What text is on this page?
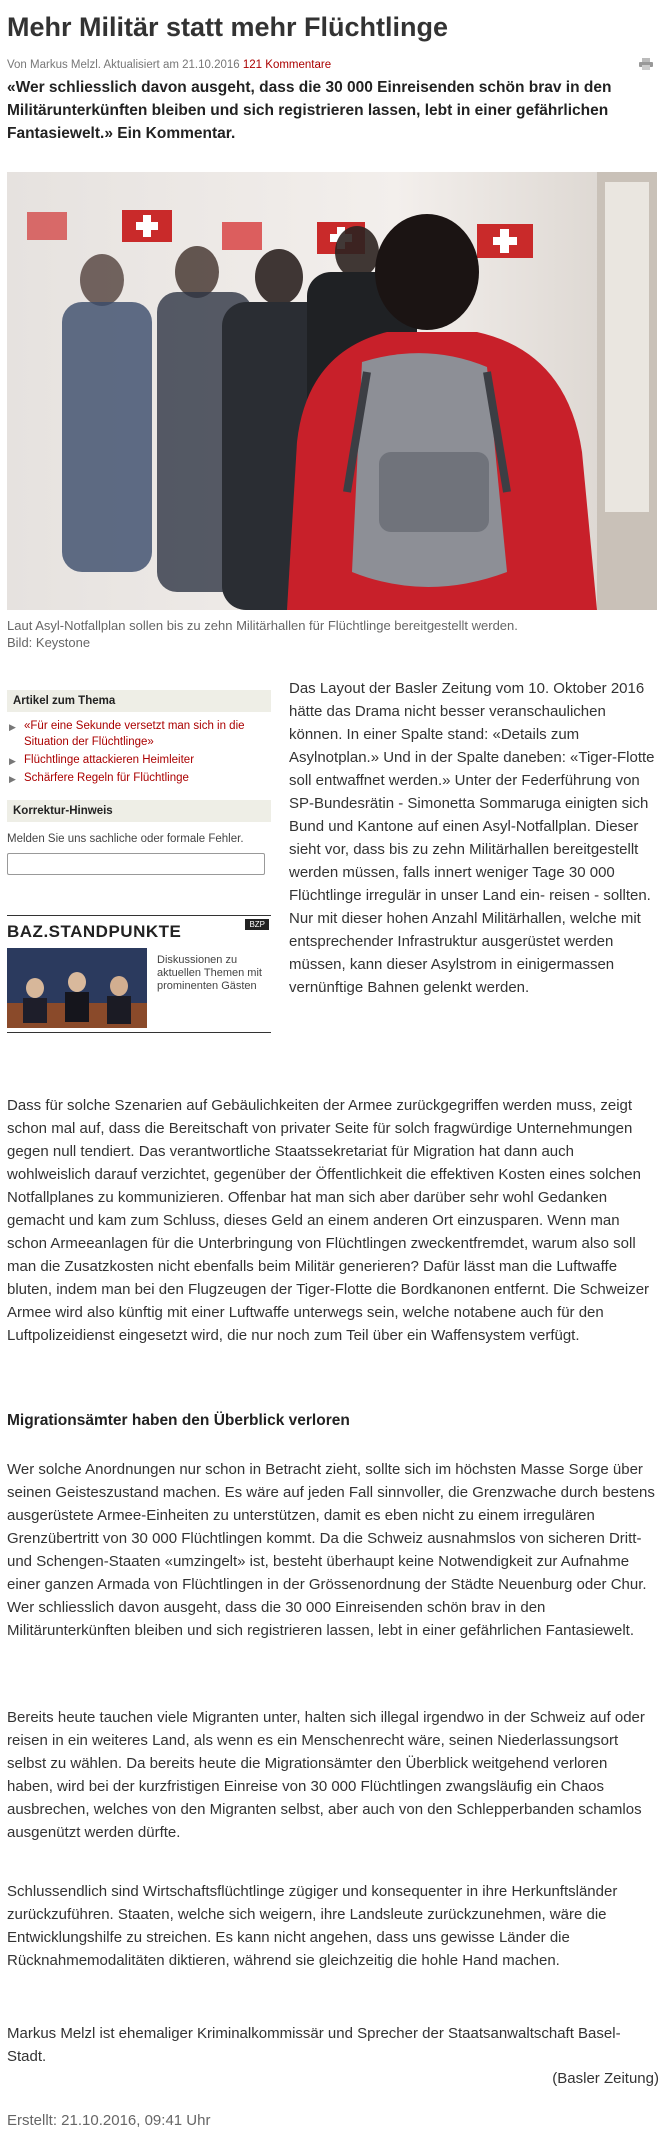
Mehr Militär statt mehr Flüchtlinge
Von Markus Melzl. Aktualisiert am 21.10.2016 121 Kommentare

«Wer schliesslich davon ausgeht, dass die 30 000 Einreisenden schön brav in den Militärunterkünften bleiben und sich registrieren lassen, lebt in einer gefährlichen Fantasiewelt.» Ein Kommentar.

Laut Asyl-Notfallplan sollen bis zu zehn Militärhallen für Flüchtlinge bereitgestellt werden.
Bild: Keystone
Artikel zum Thema
▶ «Für eine Sekunde versetzt man sich in die Situation der Flüchtlinge»
▶ Flüchtlinge attackieren Heimleiter
▶ Schärfere Regeln für Flüchtlinge
Korrektur-Hinweis
Melden Sie uns sachliche oder formale Fehler.
BAZ.STANDPUNKTE	BZP
Diskussionen zu aktuellen Themen mit prominenten Gästen

Das Layout der Basler Zeitung vom 10. Oktober 2016 hätte das Drama nicht besser veranschaulichen können. In einer Spalte stand: «Details zum Asylnotplan.» Und in der Spalte daneben: «Tiger-Flotte soll entwaffnet werden.» Unter der Federführung von SP-Bundesrätin - Simonetta Sommaruga einigten sich Bund und Kantone auf einen Asyl-Notfallplan. Dieser sieht vor, dass bis zu zehn Militärhallen bereitgestellt werden müssen, falls innert weniger Tage 30 000 Flüchtlinge irregulär in unser Land ein- reisen - sollten. Nur mit dieser hohen Anzahl Militärhallen, welche mit entsprechender Infrastruktur ausgerüstet werden müssen, kann dieser Asylstrom in einigermassen vernünftige Bahnen gelenkt werden.

Dass für solche Szenarien auf Gebäulichkeiten der Armee zurückgegriffen werden muss, zeigt schon mal auf, dass die Bereitschaft von privater Seite für solch fragwürdige Unternehmungen gegen null tendiert. Das verantwortliche Staatssekretariat für Migration hat dann auch wohlweislich darauf verzichtet, gegenüber der Öffentlichkeit die effektiven Kosten eines solchen Notfallplanes zu kommunizieren. Offenbar hat man sich aber darüber sehr wohl Gedanken gemacht und kam zum Schluss, dieses Geld an einem anderen Ort einzusparen. Wenn man schon Armeeanlagen für die Unterbringung von Flüchtlingen zweckentfremdet, warum also soll man die Zusatzkosten nicht ebenfalls beim Militär generieren? Dafür lässt man die Luftwaffe bluten, indem man bei den Flugzeugen der Tiger-Flotte die Bordkanonen entfernt. Die Schweizer Armee wird also künftig mit einer Luftwaffe unterwegs sein, welche notabene auch für den Luftpolizeidienst eingesetzt wird, die nur noch zum Teil über ein Waffensystem verfügt.

Migrationsämter haben den Überblick verloren

Wer solche Anordnungen nur schon in Betracht zieht, sollte sich im höchsten Masse Sorge über seinen Geisteszustand machen. Es wäre auf jeden Fall sinnvoller, die Grenzwache durch bestens ausgerüstete Armee-Einheiten zu unterstützen, damit es eben nicht zu einem irregulären Grenzübertritt von 30 000 Flüchtlingen kommt. Da die Schweiz ausnahmslos von sicheren Dritt- und Schengen-Staaten «umzingelt» ist, besteht überhaupt keine Notwendigkeit zur Aufnahme einer ganzen Armada von Flüchtlingen in der Grössenordnung der Städte Neuenburg oder Chur. Wer schliesslich davon ausgeht, dass die 30 000 Einreisenden schön brav in den Militärunterkünften bleiben und sich registrieren lassen, lebt in einer gefährlichen Fantasiewelt.

Bereits heute tauchen viele Migranten unter, halten sich illegal irgendwo in der Schweiz auf oder reisen in ein weiteres Land, als wenn es ein Menschenrecht wäre, seinen Niederlassungsort selbst zu wählen. Da bereits heute die Migrationsämter den Überblick weitgehend verloren haben, wird bei der kurzfristigen Einreise von 30 000 Flüchtlingen zwangsläufig ein Chaos ausbrechen, welches von den Migranten selbst, aber auch von den Schlepperbanden schamlos ausgenützt werden dürfte.

Schlussendlich sind Wirtschaftsflüchtlinge zügiger und konsequenter in ihre Herkunftsländer zurückzuführen. Staaten, welche sich weigern, ihre Landsleute zurückzunehmen, wäre die Entwicklungshilfe zu streichen. Es kann nicht angehen, dass uns gewisse Länder die Rücknahmemodalitäten diktieren, während sie gleichzeitig die hohle Hand machen.

Markus Melzl ist ehemaliger Kriminalkommissär und Sprecher der Staatsanwaltschaft Basel-Stadt.

(Basler Zeitung)
Erstellt: 21.10.2016, 09:41 Uhr
